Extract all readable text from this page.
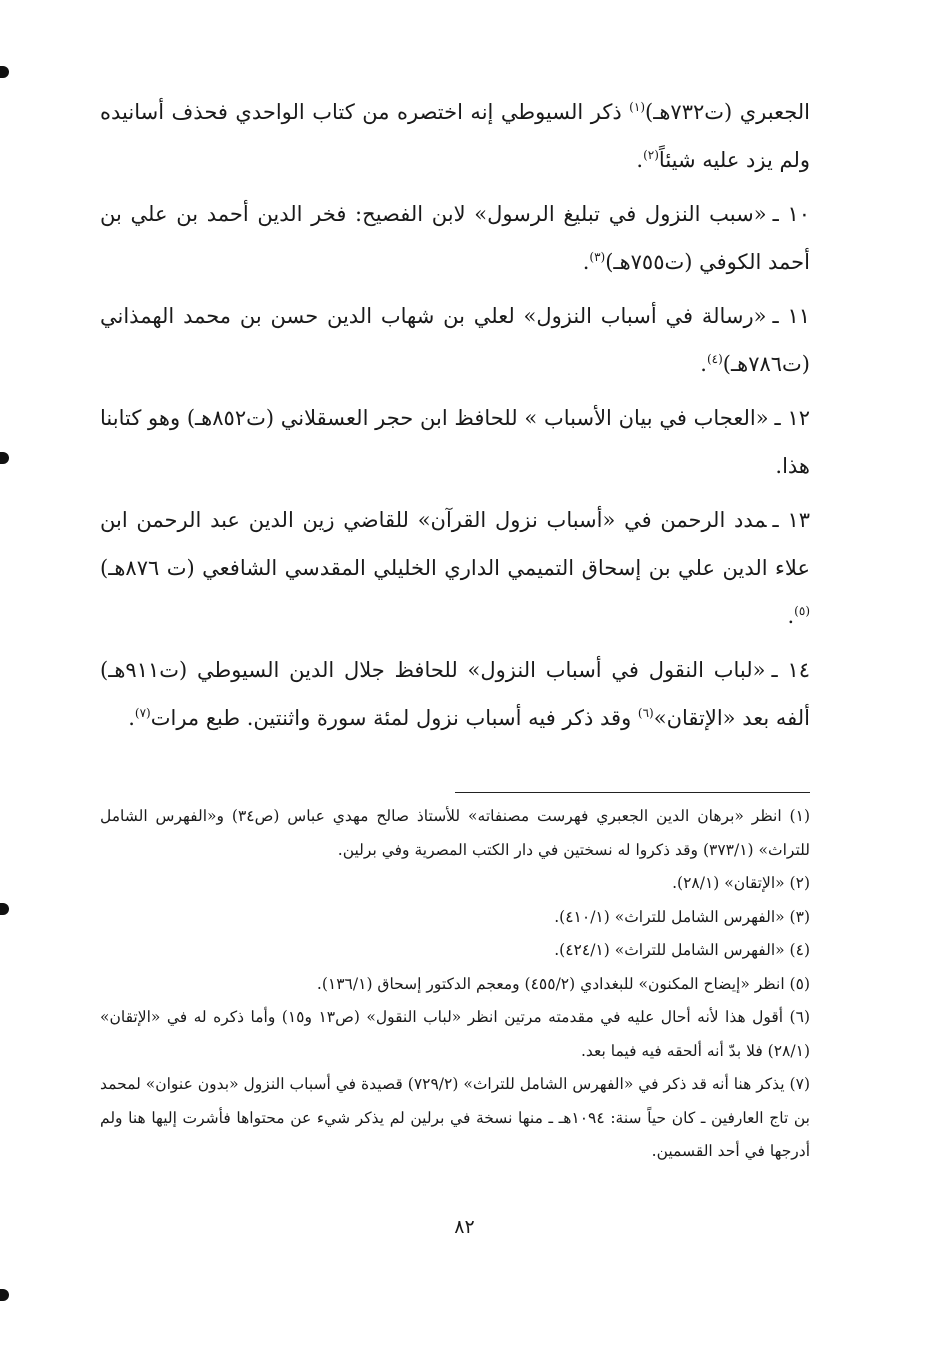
الجعبري (ت٧٣٢هـ)$^{(١)}$ ذكر السيوطي إنه اختصره من كتاب الواحدي فحذف أسانيده ولم يزد عليه شيئاً$^{(٢)}$.

١٠ ـ«سبب النزول في تبليغ الرسول» لابن الفصيح: فخر الدين أحمد بن علي بن أحمد الكوفي (ت٧٥٥هـ)$^{(٣)}$.

١١ ـ«رسالة في أسباب النزول» لعلي بن شهاب الدين حسن بن محمد الهمذاني (ت٧٨٦هـ)$^{(٤)}$.

١٢ ـ«العجاب في بيان الأسباب » للحافظ ابن حجر العسقلاني (ت٨٥٢هـ) وهو كتابنا هذا.

١٣ ـمدد الرحمن في «أسباب نزول القرآن» للقاضي زين الدين عبد الرحمن ابن علاء الدين علي بن إسحاق التميمي الداري الخليلي المقدسي الشافعي (ت ٨٧٦هـ)$^{(٥)}$.

١٤ ـ«لباب النقول في أسباب النزول» للحافظ جلال الدين السيوطي (ت٩١١هـ) ألفه بعد «الإتقان»$^{(٦)}$ وقد ذكر فيه أسباب نزول لمئة سورة واثنتين. طبع مرات$^{(٧)}$.

(١) انظر «برهان الدين الجعبري فهرست مصنفاته» للأستاذ صالح مهدي عباس (ص٣٤) و«الفهرس الشامل للتراث» (٣٧٣/١) وقد ذكروا له نسختين في دار الكتب المصرية وفي برلين.

(٢) «الإتقان» (٢٨/١).

(٣) «الفهرس الشامل للتراث» (٤١٠/١).

(٤) «الفهرس الشامل للتراث» (٤٢٤/١).

(٥) انظر «إيضاح المكنون» للبغدادي (٤٥٥/٢) ومعجم الدكتور إسحاق (١٣٦/١).

(٦) أقول هذا لأنه أحال عليه في مقدمته مرتين انظر «لباب النقول» (ص١٣ و١٥) وأما ذكره له في «الإتقان» (٢٨/١) فلا بدّ أنه ألحقه فيه فيما بعد.

(٧) يذكر هنا أنه قد ذكر في «الفهرس الشامل للتراث» (٧٢٩/٢) قصيدة في أسباب النزول «بدون عنوان» لمحمد بن تاج العارفين ـ كان حياً سنة: ١٠٩٤هـ ـ منها نسخة في برلين لم يذكر شيء عن محتواها فأشرت إليها هنا ولم أدرجها في أحد القسمين.

٨٢
